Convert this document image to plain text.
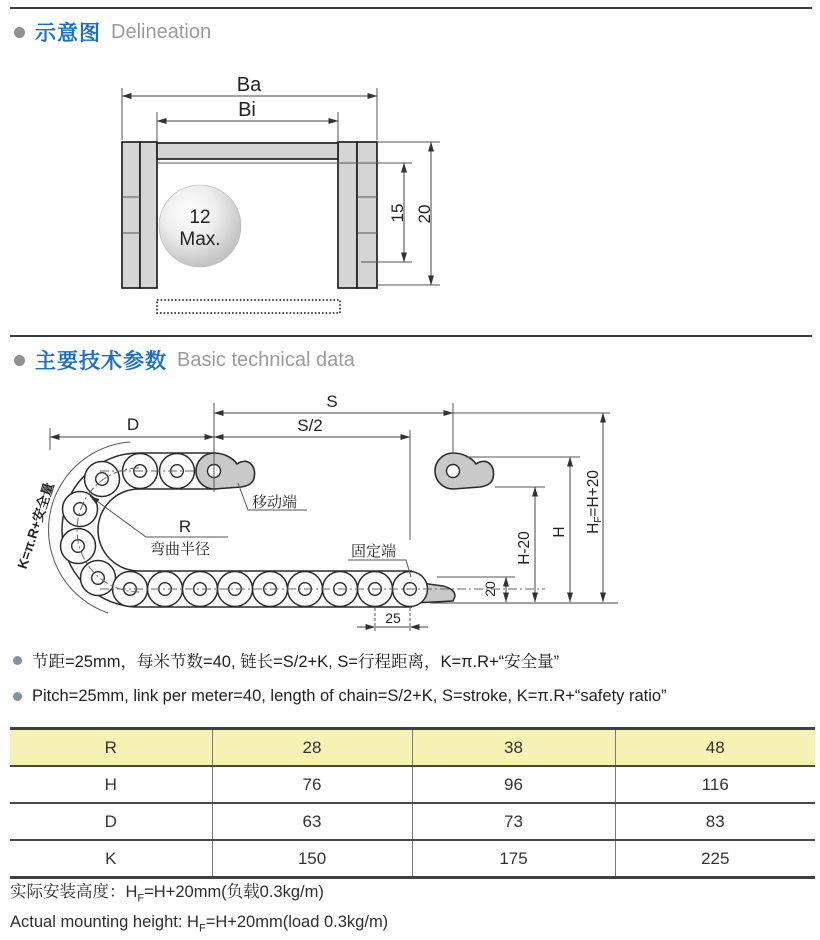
示意图 Delineation
Ba
Bi
12
Max.
15 20
主要技术参数 Basic technical data
S
S/2
D
R
弯曲半径
移动端
固定端
K=π.R+安全量	H-20 H HF=H+20
20
25
节距=25mm，每米节数=40, 链长=S/2+K, S=行程距离，K=π.R+“安全量”
Pitch=25mm, link per meter=40, length of chain=S/2+K, S=stroke, K=π.R+“safety ratio”
R	28	38	48
H	76	96	116
D	63	73	83
K	150	175	225
实际安装高度：$H_F=H+20mm$(负载0.3kg/m)
Actual mounting height: $H_F=H+20mm(load$ 0.3kg/m)
